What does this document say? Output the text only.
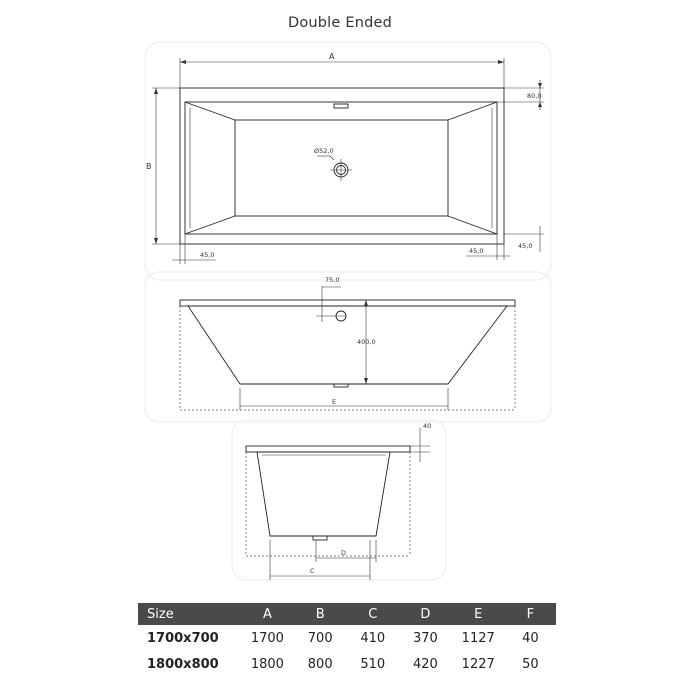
Double Ended
Ø52,0
A
B
80,0
45,0	45,0
45,0
75,0
400,0
E
40
D
C
Size	A	B	C	D	E	F
1700x700	1700	700	410	370	1127	40
1800x800	1800	800	510	420	1227	50
